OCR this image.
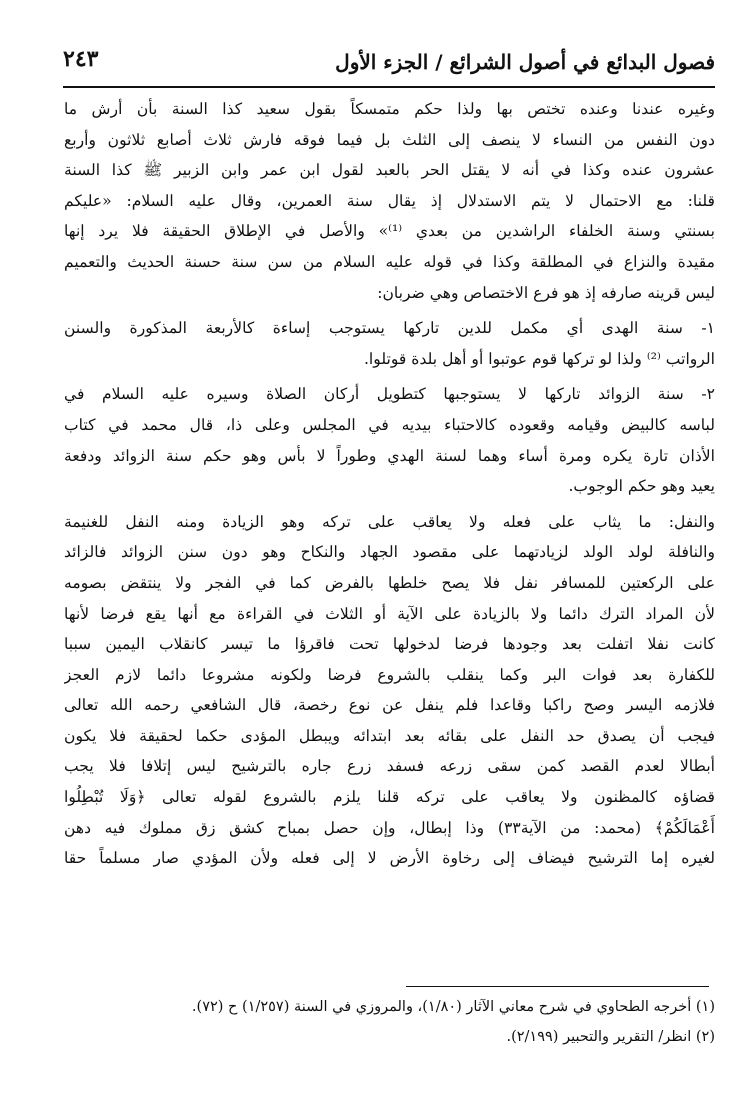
فصول البدائع في أصول الشرائع / الجزء الأول
٢٤٣
وغيره عندنا وعنده تختص بها ولذا حكم متمسكاً بقول سعيد كذا السنة بأن أرش ما
دون النفس من النساء لا ينصف إلى الثلث بل فيما فوقه فارش ثلاث أصابع ثلاثون وأربع
عشرون عنده وكذا في أنه لا يقتل الحر بالعبد لقول ابن عمر وابن الزبير ﷺ كذا السنة
قلنا: مع الاحتمال لا يتم الاستدلال إذ يقال سنة العمرين، وقال عليه السلام: «عليكم
بسنتي وسنة الخلفاء الراشدين من بعدي ⁽¹⁾» والأصل في الإطلاق الحقيقة فلا يرد إنها
مقيدة والنزاع في المطلقة وكذا في قوله عليه السلام من سن سنة حسنة الحديث والتعميم
ليس قرينه صارفه إذ هو فرع الاختصاص وهي ضربان:
١- سنة الهدى أي مكمل للدين تاركها يستوجب إساءة كالأربعة المذكورة والسنن
الرواتب ⁽²⁾ ولذا لو تركها قوم عوتبوا أو أهل بلدة قوتلوا.
٢- سنة الزوائد تاركها لا يستوجبها كتطويل أركان الصلاة وسيره عليه السلام في
لباسه كالبيض وقيامه وقعوده كالاحتباء بيديه في المجلس وعلى ذا، قال محمد في كتاب
الأذان تارة يكره ومرة أساء وهما لسنة الهدي وطوراً لا بأس وهو حكم سنة الزوائد ودفعة
يعيد وهو حكم الوجوب.
والنفل: ما يثاب على فعله ولا يعاقب على تركه وهو الزيادة ومنه النفل للغنيمة
والنافلة لولد الولد لزيادتهما على مقصود الجهاد والنكاح وهو دون سنن الزوائد فالزائد
على الركعتين للمسافر نفل فلا يصح خلطها بالفرض كما في الفجر ولا ينتقض بصومه
لأن المراد الترك دائما ولا بالزيادة على الآية أو الثلاث في القراءة مع أنها يقع فرضا لأنها
كانت نفلا اتفلت بعد وجودها فرضا لدخولها تحت فاقرؤا ما تيسر كانقلاب اليمين سببا
للكفارة بعد فوات البر وكما ينقلب بالشروع فرضا ولكونه مشروعا دائما لازم العجز
فلازمه اليسر وصح راكبا وقاعدا فلم ينفل عن نوع رخصة، قال الشافعي رحمه الله تعالى
فيجب أن يصدق حد النفل على بقائه بعد ابتدائه ويبطل المؤدى حكما لحقيقة فلا يكون
أبطالا لعدم القصد كمن سقى زرعه فسفد زرع جاره بالترشيح ليس إتلافا فلا يجب
قضاؤه كالمظنون ولا يعاقب على تركه قلنا يلزم بالشروع لقوله تعالى ﴿وَلَا تُبْطِلُوا
أَعْمَالَكُمْ﴾ (محمد: من الآية٣٣) وذا إبطال، وإن حصل بمباح كشق زق مملوك فيه دهن
لغيره إما الترشيح فيضاف إلى رخاوة الأرض لا إلى فعله ولأن المؤدي صار مسلماً حقا
(١) أخرجه الطحاوي في شرح معاني الآثار (١/٨٠)، والمروزي في السنة (١/٢٥٧) ح (٧٢).
(٢) انظر/ التقرير والتحبير (٢/١٩٩).
